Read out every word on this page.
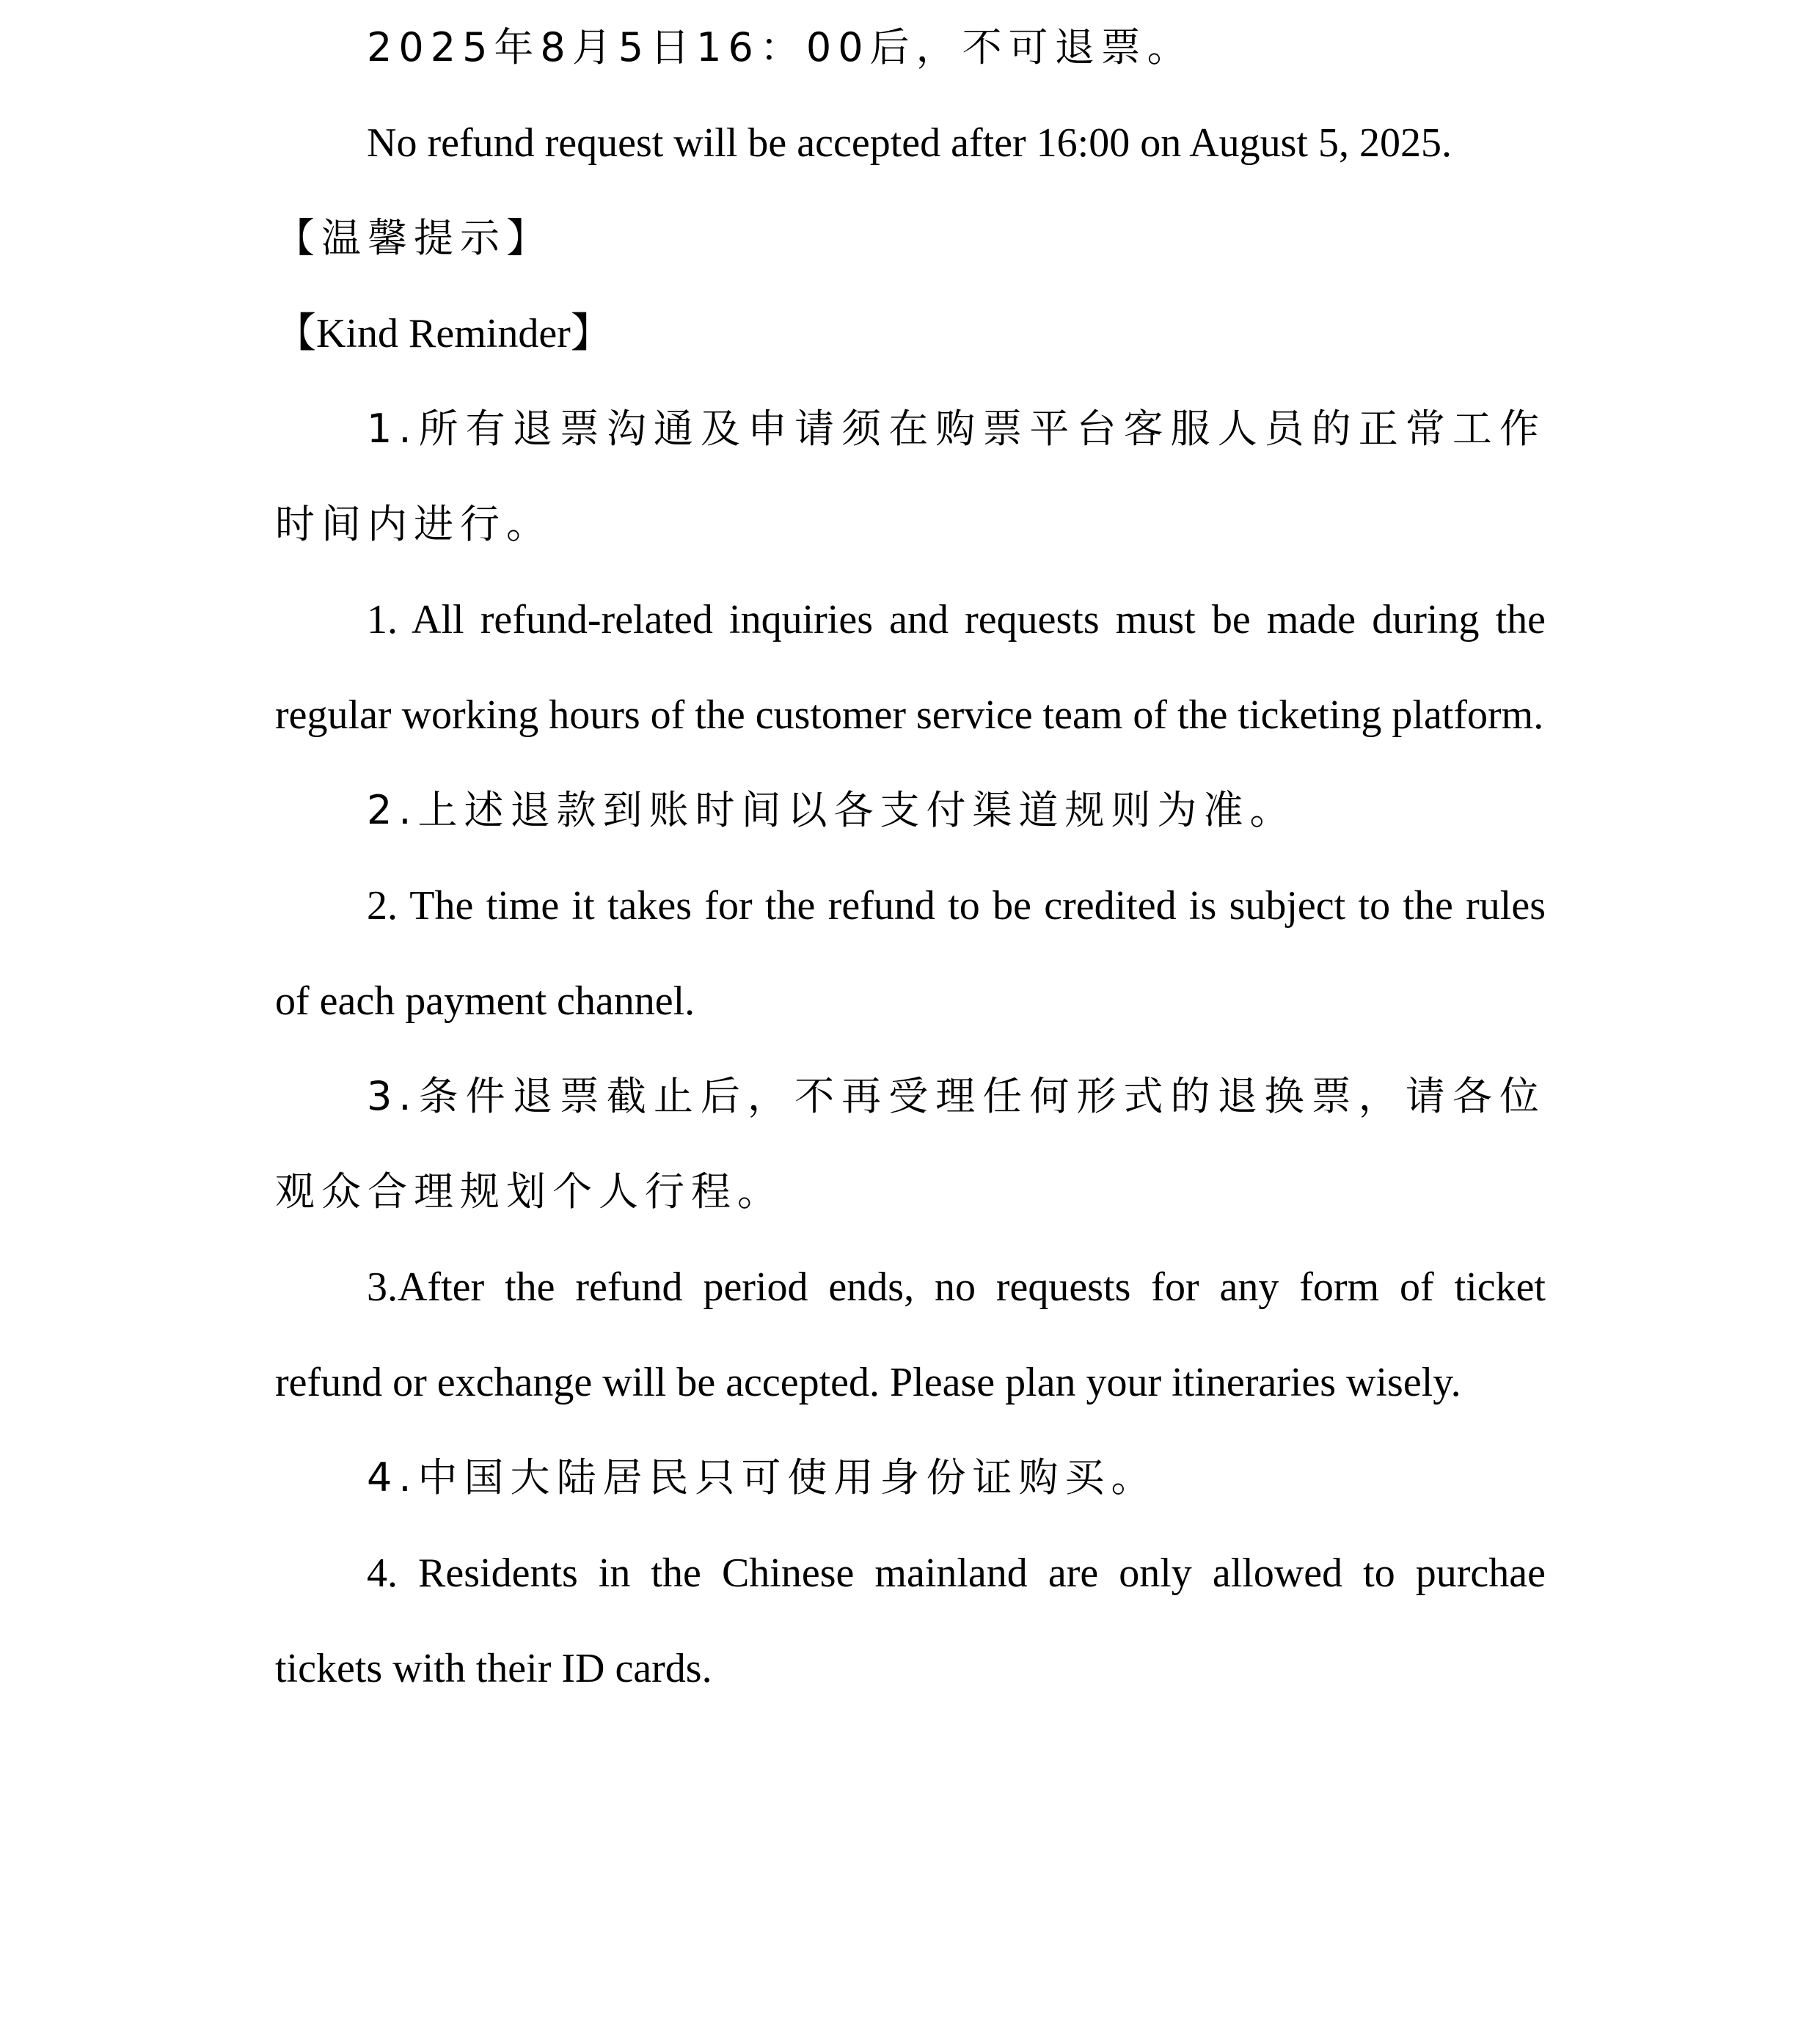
2025年8月5日16：00后，不可退票。

No refund request will be accepted after 16:00 on August 5, 2025.

【温馨提示】

【Kind Reminder】

1.所有退票沟通及申请须在购票平台客服人员的正常工作时间内进行。

1. All refund-related inquiries and requests must be made during the regular working hours of the customer service team of the ticketing platform.

2.上述退款到账时间以各支付渠道规则为准。

2. The time it takes for the refund to be credited is subject to the rules of each payment channel.

3.条件退票截止后，不再受理任何形式的退换票，请各位观众合理规划个人行程。

3.After the refund period ends, no requests for any form of ticket refund or exchange will be accepted. Please plan your itineraries wisely.

4.中国大陆居民只可使用身份证购买。

4. Residents in the Chinese mainland are only allowed to purchae tickets with their ID cards.
